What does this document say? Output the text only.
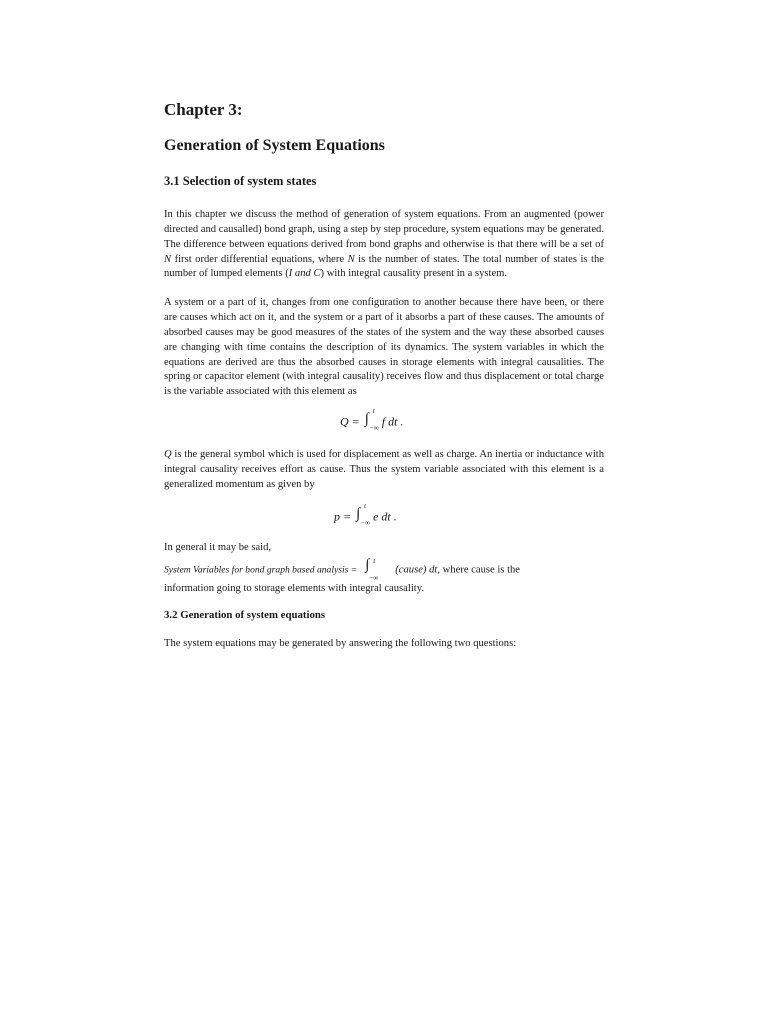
Chapter 3:
Generation of System Equations
3.1 Selection of system states

In this chapter we discuss the method of generation of system equations. From an augmented (power directed and causalled) bond graph, using a step by step procedure, system equations may be generated. The difference between equations derived from bond graphs and otherwise is that there will be a set of N first order differential equations, where N is the number of states. The total number of states is the number of lumped elements (I and C) with integral causality present in a system.

A system or a part of it, changes from one configuration to another because there have been, or there are causes which act on it, and the system or a part of it absorbs a part of these causes. The amounts of absorbed causes may be good measures of the states of the system and the way these absorbed causes are changing with time contains the description of its dynamics. The system variables in which the equations are derived are thus the absorbed causes in storage elements with integral causalities. The spring or capacitor element (with integral causality) receives flow and thus displacement or total charge is the variable associated with this element as

Q = ∫ t
−∞ f dt .

Q is the general symbol which is used for displacement as well as charge. An inertia or inductance with integral causality receives effort as cause. Thus the system variable associated with this element is a generalized momentum as given by

p = ∫ t
−∞ e dt .

In general it may be said,

System Variables for bond graph based analysis = ∫ t
−∞
(cause) dt, where cause is the

information going to storage elements with integral causality.

3.2 Generation of system equations

The system equations may be generated by answering the following two questions:
